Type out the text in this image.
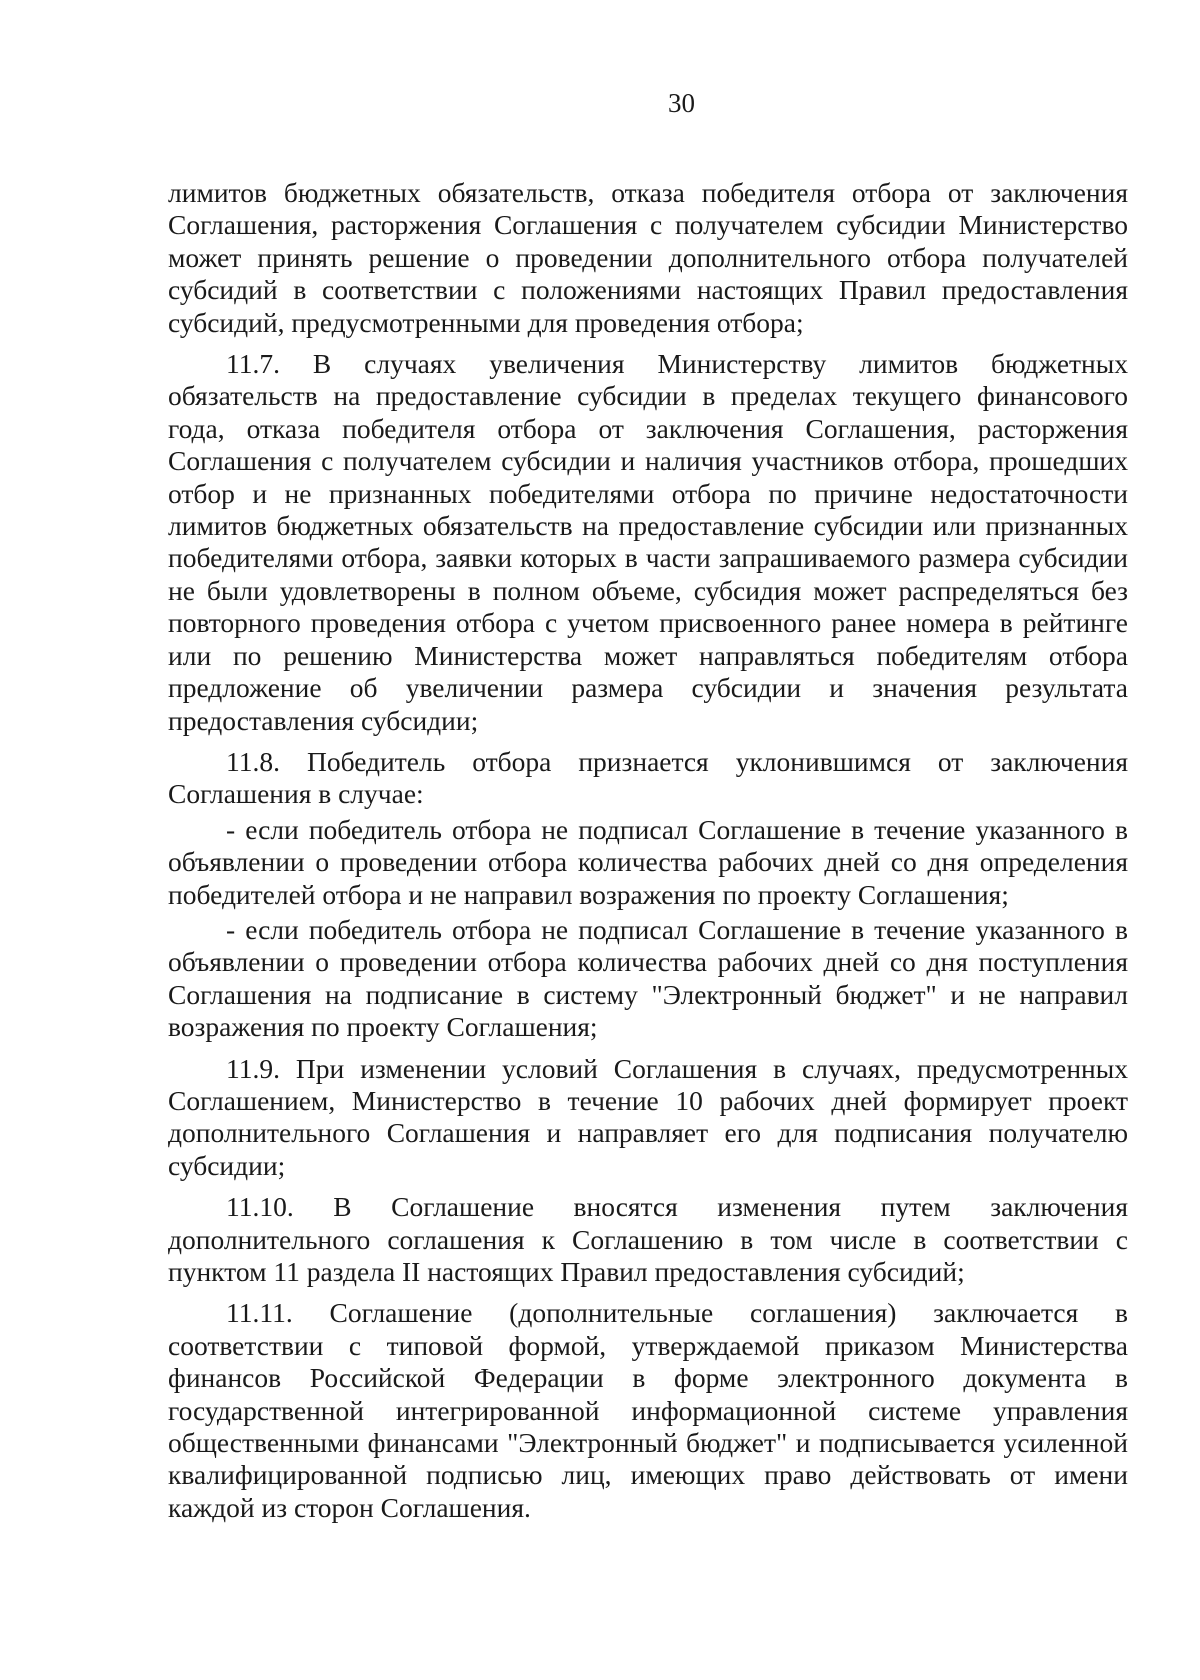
30

лимитов бюджетных обязательств, отказа победителя отбора от заключения Соглашения, расторжения Соглашения с получателем субсидии Министерство может принять решение о проведении дополнительного отбора получателей субсидий в соответствии с положениями настоящих Правил предоставления субсидий, предусмотренными для проведения отбора;

11.7. В случаях увеличения Министерству лимитов бюджетных обязательств на предоставление субсидии в пределах текущего финансового года, отказа победителя отбора от заключения Соглашения, расторжения Соглашения с получателем субсидии и наличия участников отбора, прошедших отбор и не признанных победителями отбора по причине недостаточности лимитов бюджетных обязательств на предоставление субсидии или признанных победителями отбора, заявки которых в части запрашиваемого размера субсидии не были удовлетворены в полном объеме, субсидия может распределяться без повторного проведения отбора с учетом присвоенного ранее номера в рейтинге или по решению Министерства может направляться победителям отбора предложение об увеличении размера субсидии и значения результата предоставления субсидии;

11.8. Победитель отбора признается уклонившимся от заключения Соглашения в случае:

- если победитель отбора не подписал Соглашение в течение указанного в объявлении о проведении отбора количества рабочих дней со дня определения победителей отбора и не направил возражения по проекту Соглашения;

- если победитель отбора не подписал Соглашение в течение указанного в объявлении о проведении отбора количества рабочих дней со дня поступления Соглашения на подписание в систему "Электронный бюджет" и не направил возражения по проекту Соглашения;

11.9. При изменении условий Соглашения в случаях, предусмотренных Соглашением, Министерство в течение 10 рабочих дней формирует проект дополнительного Соглашения и направляет его для подписания получателю субсидии;

11.10. В Соглашение вносятся изменения путем заключения дополнительного соглашения к Соглашению в том числе в соответствии с пунктом 11 раздела II настоящих Правил предоставления субсидий;

11.11. Соглашение (дополнительные соглашения) заключается в соответствии с типовой формой, утверждаемой приказом Министерства финансов Российской Федерации в форме электронного документа в государственной интегрированной информационной системе управления общественными финансами "Электронный бюджет" и подписывается усиленной квалифицированной подписью лиц, имеющих право действовать от имени каждой из сторон Соглашения.
